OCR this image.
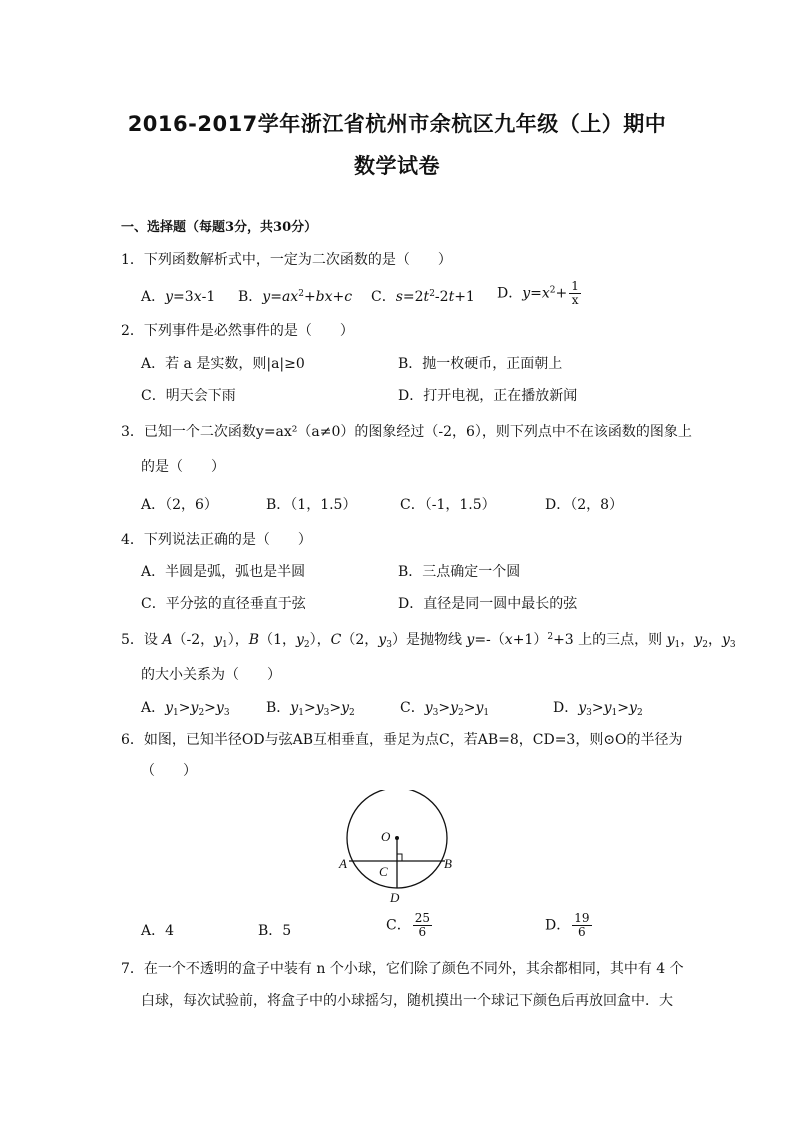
2016-2017学年浙江省杭州市余杭区九年级（上）期中
数学试卷
一、选择题（每题3分，共30分）
1．下列函数解析式中，一定为二次函数的是（　　）
A．y=3x-1 B．$y=ax^2+bx+c$ C．$s=2t^2-2t+1$ D．$y=x^2+ \frac{1}{x}$
2．下列事件是必然事件的是（　　）
A．若 a 是实数，则|a|≥0	B．抛一枚硬币，正面朝上
C．明天会下雨	D．打开电视，正在播放新闻
3．已知一个二次函数y=ax²（a≠0）的图象经过（-2，6），则下列点中不在该函数的图象上
的是（　　）
A．（2，6）	B．（1，1.5）	C．（-1，1.5）	D．（2，8）
4．下列说法正确的是（　　）
A．半圆是弧，弧也是半圆	B．三点确定一个圆
C．平分弦的直径垂直于弦	D．直径是同一圆中最长的弦
5．设 A（-2，$y_1$），B（1，$y_2$），C（2，$y_3$）是抛物线 $y=-(x+1)^2+3$ 上的三点，则 $y_1$，$y_2$，$y_3$
的大小关系为（　　）
A．$y_1>y_2>y_3$	B．$y_1>y_3>y_2$	C．$y_3>y_2>y_1$	D．$y_3>y_1>y_2$
6．如图，已知半径OD与弦AB互相垂直，垂足为点C，若AB=8，CD=3，则⊙O的半径为
（　　）
O
A	B
C
D
A．4	B．5	C． $\frac{25}{6}$	D． $\frac{19}{6}$
7．在一个不透明的盒子中装有 n 个小球，它们除了颜色不同外，其余都相同，其中有 4 个
白球，每次试验前，将盒子中的小球摇匀，随机摸出一个球记下颜色后再放回盒中．大
